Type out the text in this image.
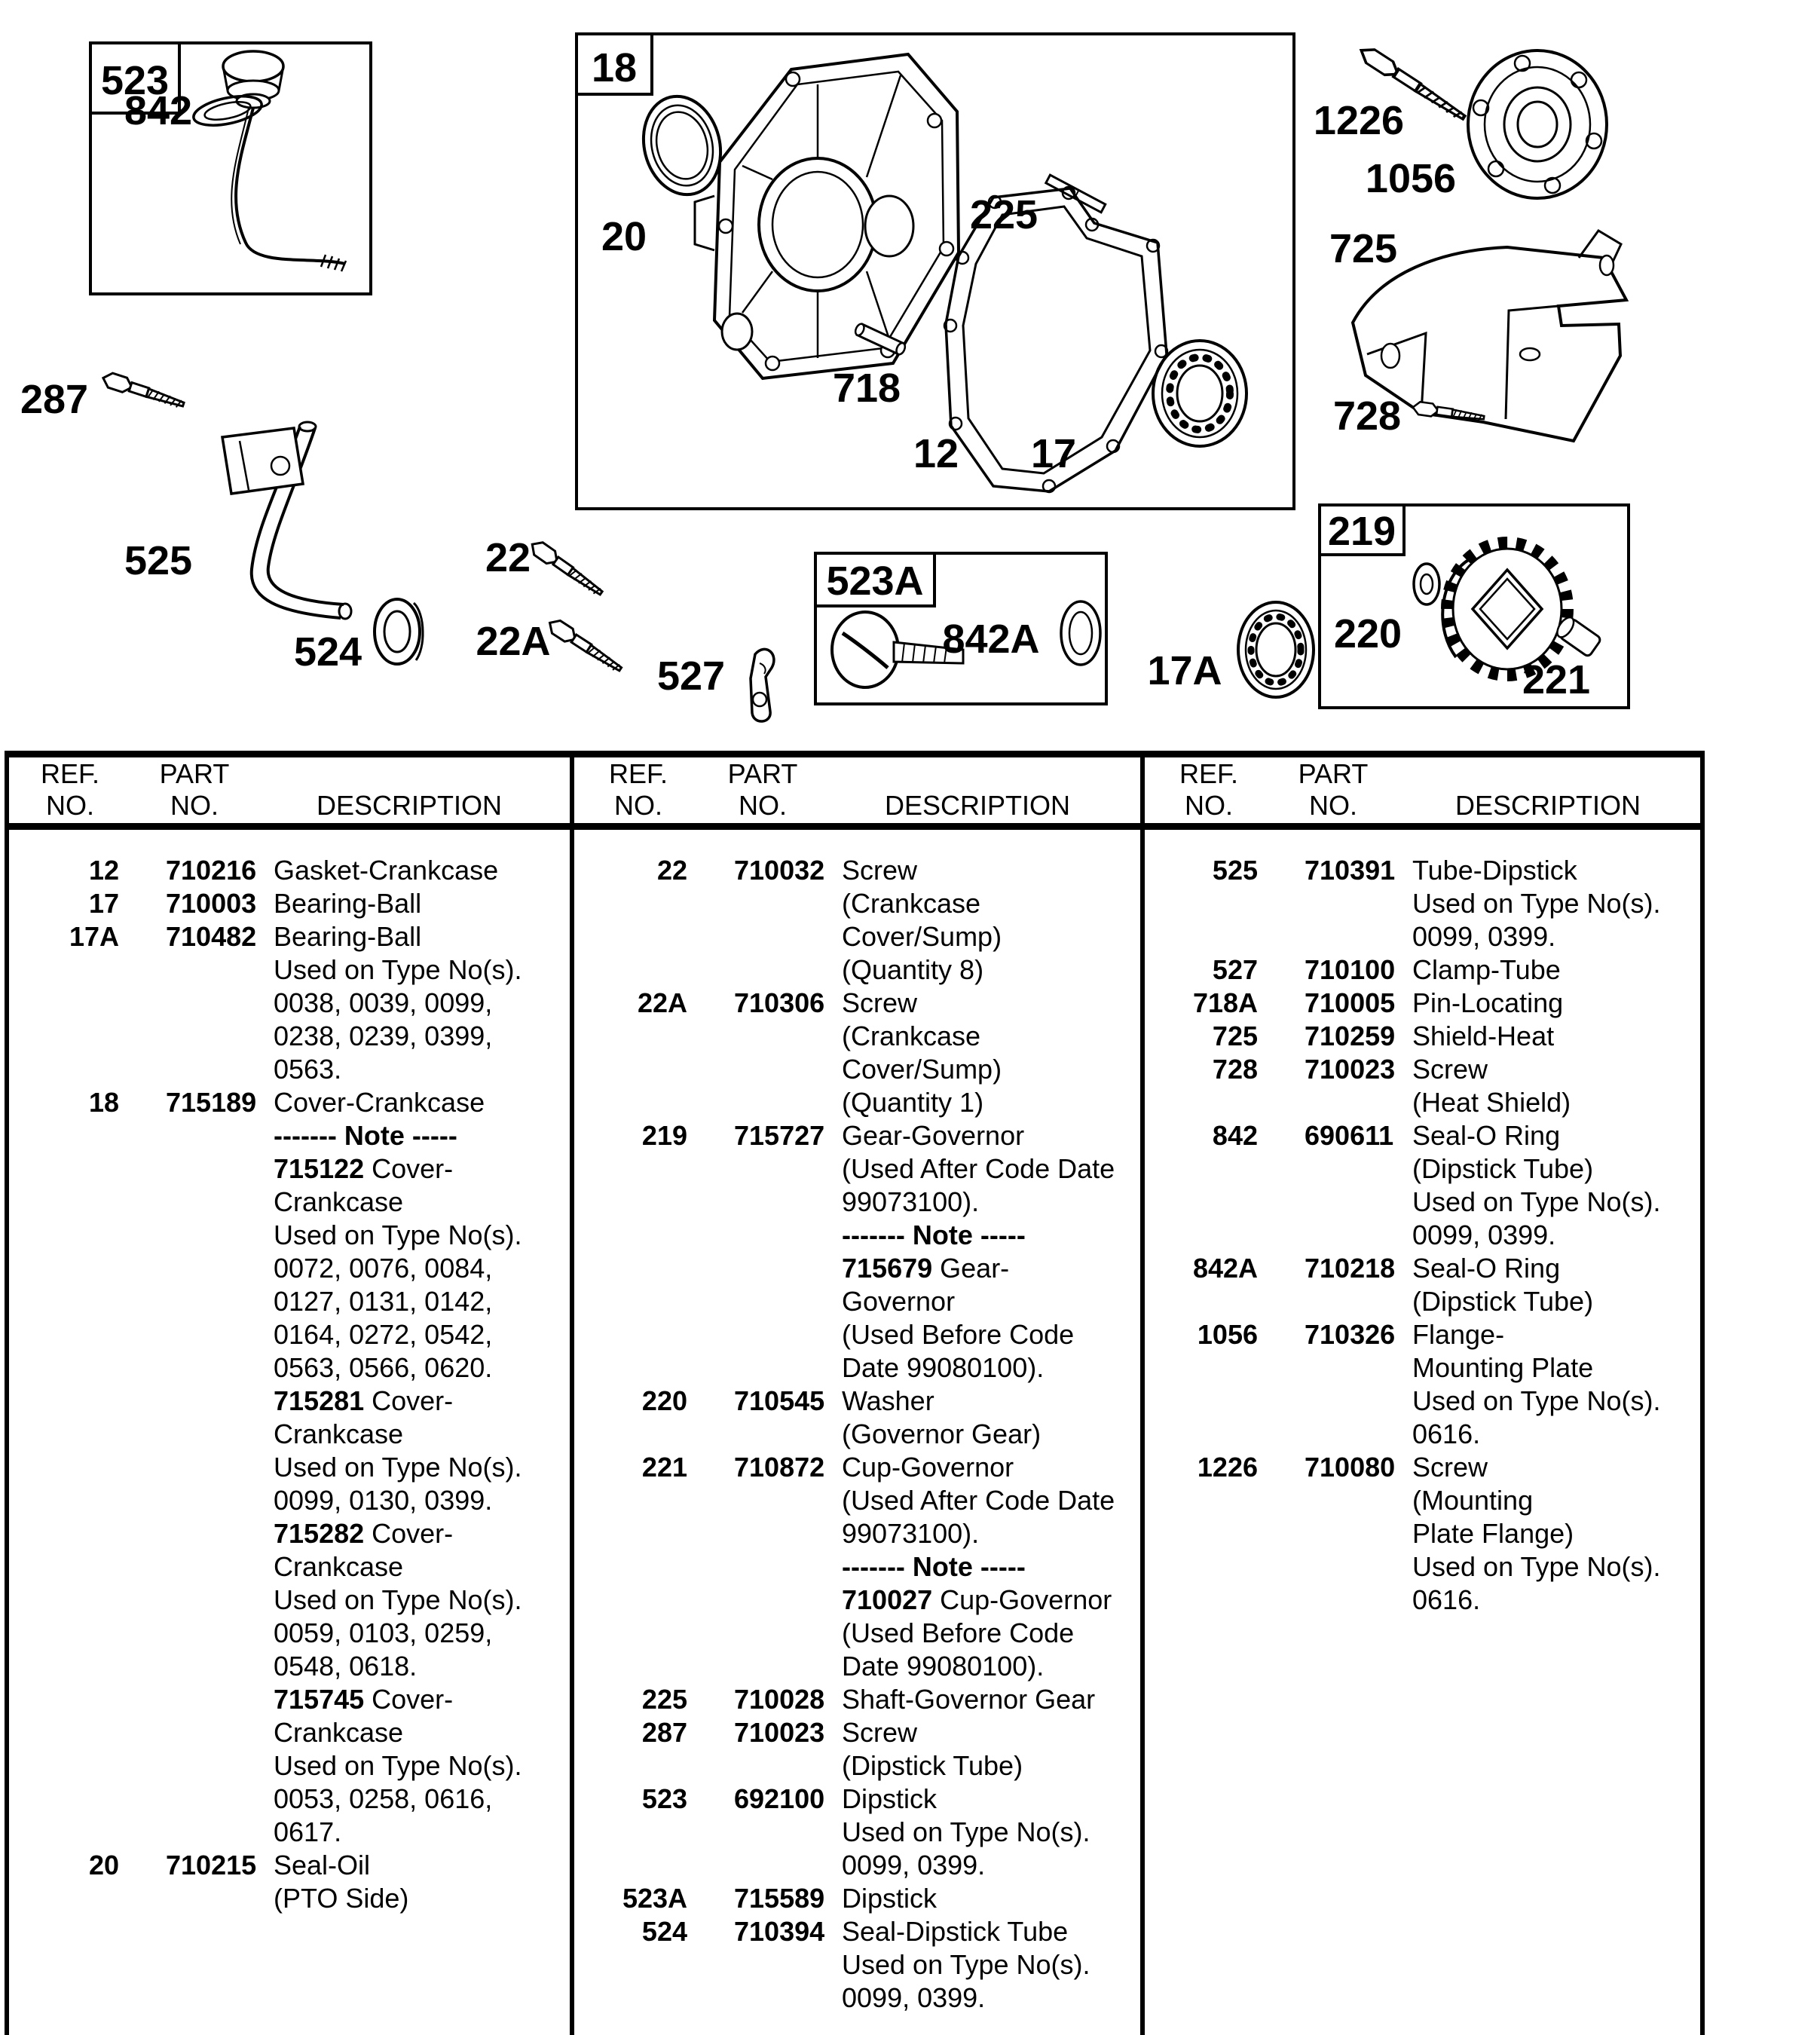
523
842
287
525
524
18
20	225
718
12 17
22
22A
527
523A
842A
17A
219
220
221
1226
1056
725
728
REF.
NO.
PART
NO.	DESCRIPTION
REF.
NO.
PART
NO.	DESCRIPTION
REF.
NO.
PART
NO.	DESCRIPTION
12 710216 Gasket-Crankcase
17 710003 Bearing-Ball
17A 710482 Bearing-Ball
Used on Type No(s).
0038, 0039, 0099,
0238, 0239, 0399,
0563.
18 715189 Cover-Crankcase
------- Note -----
715122 Cover-
Crankcase
Used on Type No(s).
0072, 0076, 0084,
0127, 0131, 0142,
0164, 0272, 0542,
0563, 0566, 0620.
715281 Cover-
Crankcase
Used on Type No(s).
0099, 0130, 0399.
715282 Cover-
Crankcase
Used on Type No(s).
0059, 0103, 0259,
0548, 0618.
715745 Cover-
Crankcase
Used on Type No(s).
0053, 0258, 0616,
0617.
20 710215 Seal-Oil
(PTO Side)
22 710032 Screw
(Crankcase
Cover/Sump)
(Quantity 8)
22A 710306 Screw
(Crankcase
Cover/Sump)
(Quantity 1)
219 715727 Gear-Governor
(Used After Code Date
99073100).
------- Note -----
715679 Gear-
Governor
(Used Before Code
Date 99080100).
220 710545 Washer
(Governor Gear)
221 710872 Cup-Governor
(Used After Code Date
99073100).
------- Note -----
710027 Cup-Governor
(Used Before Code
Date 99080100).
225 710028 Shaft-Governor Gear
287 710023 Screw
(Dipstick Tube)
523 692100 Dipstick
Used on Type No(s).
0099, 0399.
523A 715589 Dipstick
524 710394 Seal-Dipstick Tube
Used on Type No(s).
0099, 0399.
525 710391 Tube-Dipstick
Used on Type No(s).
0099, 0399.
527 710100 Clamp-Tube
718A 710005 Pin-Locating
725 710259 Shield-Heat
728 710023 Screw
(Heat Shield)
842 690611 Seal-O Ring
(Dipstick Tube)
Used on Type No(s).
0099, 0399.
842A 710218 Seal-O Ring
(Dipstick Tube)
1056 710326 Flange-
Mounting Plate
Used on Type No(s).
0616.
1226 710080 Screw
(Mounting
Plate Flange)
Used on Type No(s).
0616.
